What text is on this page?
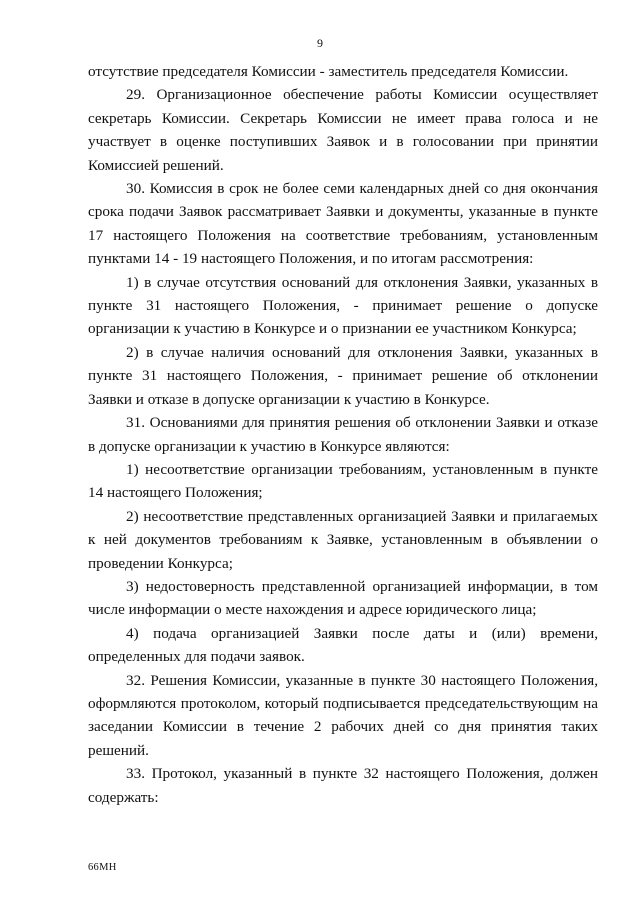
9

отсутствие председателя Комиссии - заместитель председателя Комиссии.

29. Организационное обеспечение работы Комиссии осуществляет секретарь Комиссии. Секретарь Комиссии не имеет права голоса и не участвует в оценке поступивших Заявок и в голосовании при принятии Комиссией решений.

30. Комиссия в срок не более семи календарных дней со дня окончания срока подачи Заявок рассматривает Заявки и документы, указанные в пункте 17 настоящего Положения на соответствие требованиям, установленным пунктами 14 - 19 настоящего Положения, и по итогам рассмотрения:

1) в случае отсутствия оснований для отклонения Заявки, указанных в пункте 31 настоящего Положения, - принимает решение о допуске организации к участию в Конкурсе и о признании ее участником Конкурса;

2) в случае наличия оснований для отклонения Заявки, указанных в пункте 31 настоящего Положения, - принимает решение об отклонении Заявки и отказе в допуске организации к участию в Конкурсе.

31. Основаниями для принятия решения об отклонении Заявки и отказе в допуске организации к участию в Конкурсе являются:

1) несоответствие организации требованиям, установленным в пункте 14 настоящего Положения;

2) несоответствие представленных организацией Заявки и прилагаемых к ней документов требованиям к Заявке, установленным в объявлении о проведении Конкурса;

3) недостоверность представленной организацией информации, в том числе информации о месте нахождения и адресе юридического лица;

4) подача организацией Заявки после даты и (или) времени, определенных для подачи заявок.

32. Решения Комиссии, указанные в пункте 30 настоящего Положения, оформляются протоколом, который подписывается председательствующим на заседании Комиссии в течение 2 рабочих дней со дня принятия таких решений.

33. Протокол, указанный в пункте 32 настоящего Положения, должен содержать:

66МН
